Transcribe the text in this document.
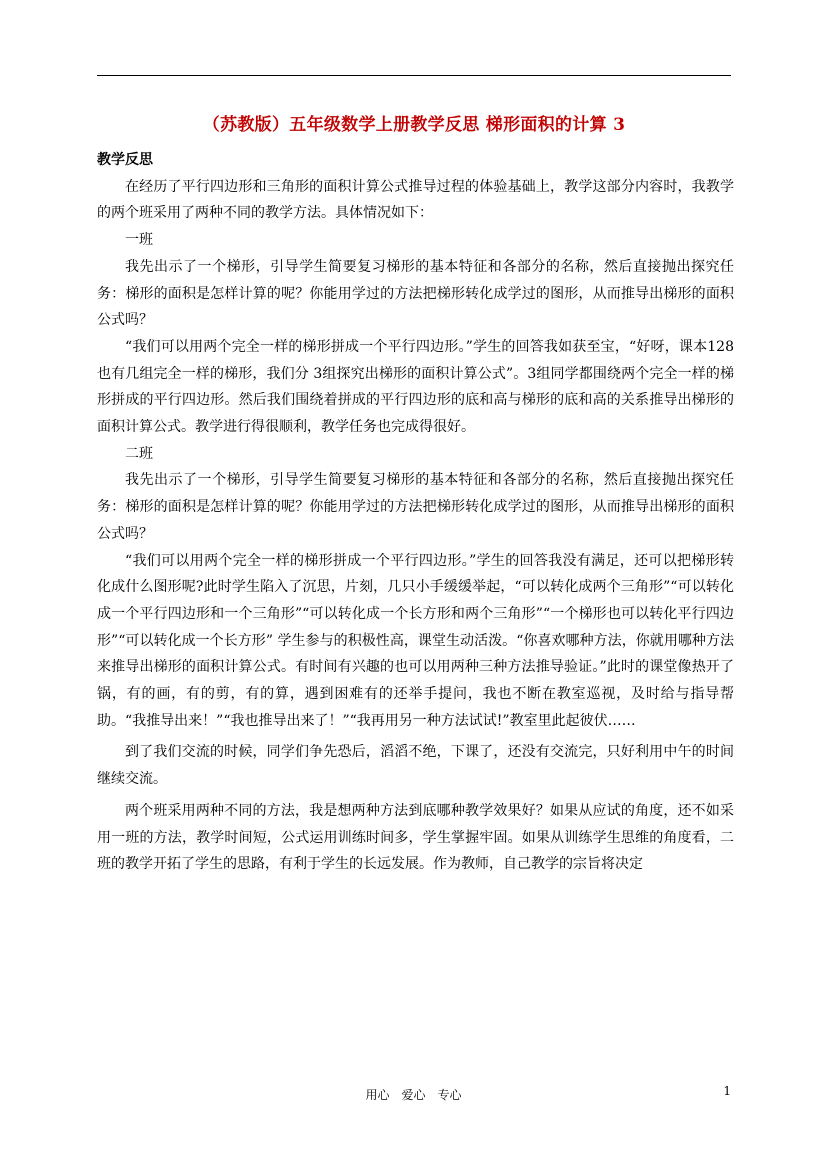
（苏教版）五年级数学上册教学反思 梯形面积的计算 3

教学反思

在经历了平行四边形和三角形的面积计算公式推导过程的体验基础上，教学这部分内容时，我教学的两个班采用了两种不同的教学方法。具体情况如下：

一班

我先出示了一个梯形，引导学生简要复习梯形的基本特征和各部分的名称，然后直接抛出探究任务：梯形的面积是怎样计算的呢？你能用学过的方法把梯形转化成学过的图形，从而推导出梯形的面积公式吗？

“我们可以用两个完全一样的梯形拼成一个平行四边形。”学生的回答我如获至宝，“好呀，课本128也有几组完全一样的梯形，我们分 3组探究出梯形的面积计算公式”。3组同学都围绕两个完全一样的梯形拼成的平行四边形。然后我们围绕着拼成的平行四边形的底和高与梯形的底和高的关系推导出梯形的面积计算公式。教学进行得很顺利，教学任务也完成得很好。

二班

我先出示了一个梯形，引导学生简要复习梯形的基本特征和各部分的名称，然后直接抛出探究任务：梯形的面积是怎样计算的呢？你能用学过的方法把梯形转化成学过的图形，从而推导出梯形的面积公式吗？

“我们可以用两个完全一样的梯形拼成一个平行四边形。”学生的回答我没有满足，还可以把梯形转化成什么图形呢?此时学生陷入了沉思，片刻，几只小手缓缓举起，“可以转化成两个三角形”“可以转化成一个平行四边形和一个三角形”“可以转化成一个长方形和两个三角形”“一个梯形也可以转化平行四边形”“可以转化成一个长方形” 学生参与的积极性高，课堂生动活泼。“你喜欢哪种方法，你就用哪种方法来推导出梯形的面积计算公式。有时间有兴趣的也可以用两种三种方法推导验证。”此时的课堂像热开了锅，有的画，有的剪，有的算，遇到困难有的还举手提问，我也不断在教室巡视，及时给与指导帮助。“我推导出来！”“我也推导出来了！”“我再用另一种方法试试!”教室里此起彼伏……

到了我们交流的时候，同学们争先恐后，滔滔不绝，下课了，还没有交流完，只好利用中午的时间继续交流。

两个班采用两种不同的方法，我是想两种方法到底哪种教学效果好？如果从应试的角度，还不如采用一班的方法，教学时间短，公式运用训练时间多，学生掌握牢固。如果从训练学生思维的角度看，二班的教学开拓了学生的思路，有利于学生的长远发展。作为教师，自己教学的宗旨将决定

用心　爱心　专心	1
